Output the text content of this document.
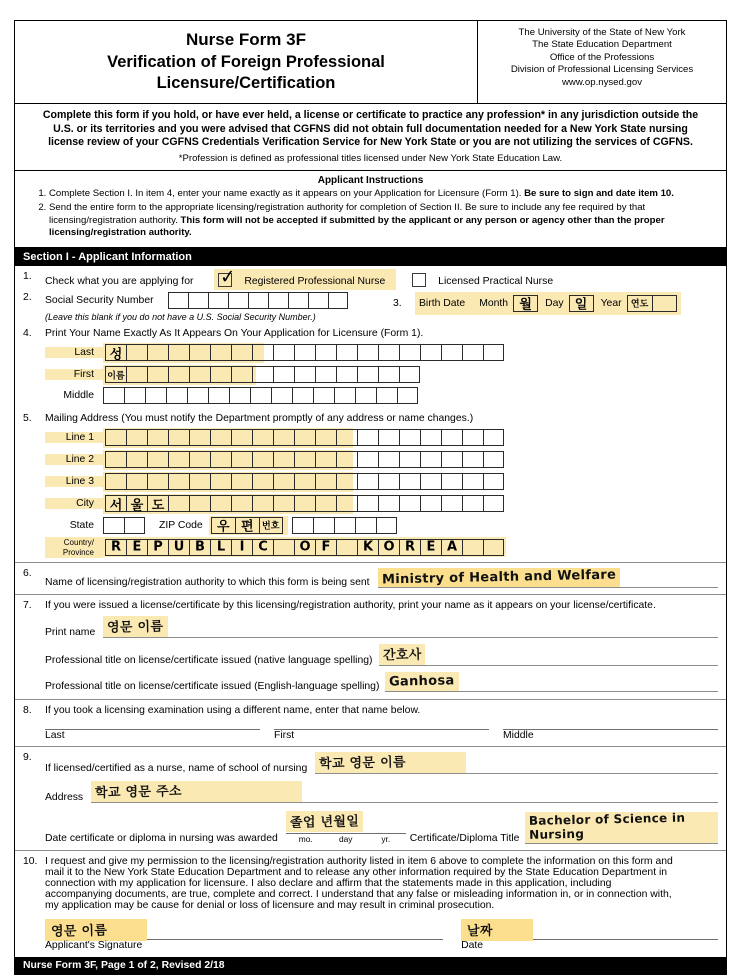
Nurse Form 3F
Verification of Foreign Professional Licensure/Certification
The University of the State of New York
The State Education Department
Office of the Professions
Division of Professional Licensing Services
www.op.nysed.gov

Complete this form if you hold, or have ever held, a license or certificate to practice any profession* in any jurisdiction outside the

U.S. or its territories and you were advised that CGFNS did not obtain full documentation needed for a New York State nursing

license review of your CGFNS Credentials Verification Service for New York State or you are not utilizing the services of CGFNS.

*Profession is defined as professional titles licensed under New York State Education Law.

Applicant Instructions
1. Complete Section I. In item 4, enter your name exactly as it appears on your Application for Licensure (Form 1). Be sure to sign and date item 10.
2. Send the entire form to the appropriate licensing/registration authority for completion of Section II. Be sure to include any fee required by that licensing/registration authority. This form will not be accepted if submitted by the applicant or any person or agency other than the proper licensing/registration authority.
Section I - Applicant Information
1.	Check what you are applying for ✓ Registered Professional Nurse	Licensed Practical Nurse
2.	Social Security Number
(Leave this blank if you do not have a U.S. Social Security Number.)
3.	Birth Date Month 월	Day 일	Year	연도
4.	Print Your Name Exactly As It Appears On Your Application for Licensure (Form 1).
Last	성
First	이름
Middle
5.	Mailing Address (You must notify the Department promptly of any address or name changes.)
Line 1
Line 2
Line 3
City	서 울 도
State	ZIP Code	우 편 번호
Country/
Province	R E P U B L	I	C	O F	K O R E A
6.
Name of licensing/registration authority to which this form is being sent Ministry of Health and Welfare
7.	If you were issued a license/certificate by this licensing/registration authority, print your name as it appears on your license/certificate.
Print name 영문 이름
Professional title on license/certificate issued (native language spelling) 간호사
Professional title on license/certificate issued (English-language spelling) Ganhosa
8.	If you took a licensing examination using a different name, enter that name below.
Last	First	Middle
9.
If licensed/certified as a nurse, name of school of nursing 학교 영문 이름
Address 학교 영문 주소
Date certificate or diploma in nursing was awarded
졸업 년월일
mo.	day	yr.	Certificate/Diploma Title
Bachelor of Science in Nursing
10. I request and give my permission to the licensing/registration authority listed in item 6 above to complete the information on this form and
mail it to the New York State Education Department and to release any other information required by the State Education Department in
connection with my application for licensure. I also declare and affirm that the statements made in this application, including
accompanying documents, are true, complete and correct. I understand that any false or misleading information in, or in connection with,
my application may be cause for denial or loss of licensure and may result in criminal prosecution.
영문 이름
Applicant's Signature
날짜
Date
Nurse Form 3F, Page 1 of 2, Revised 2/18
